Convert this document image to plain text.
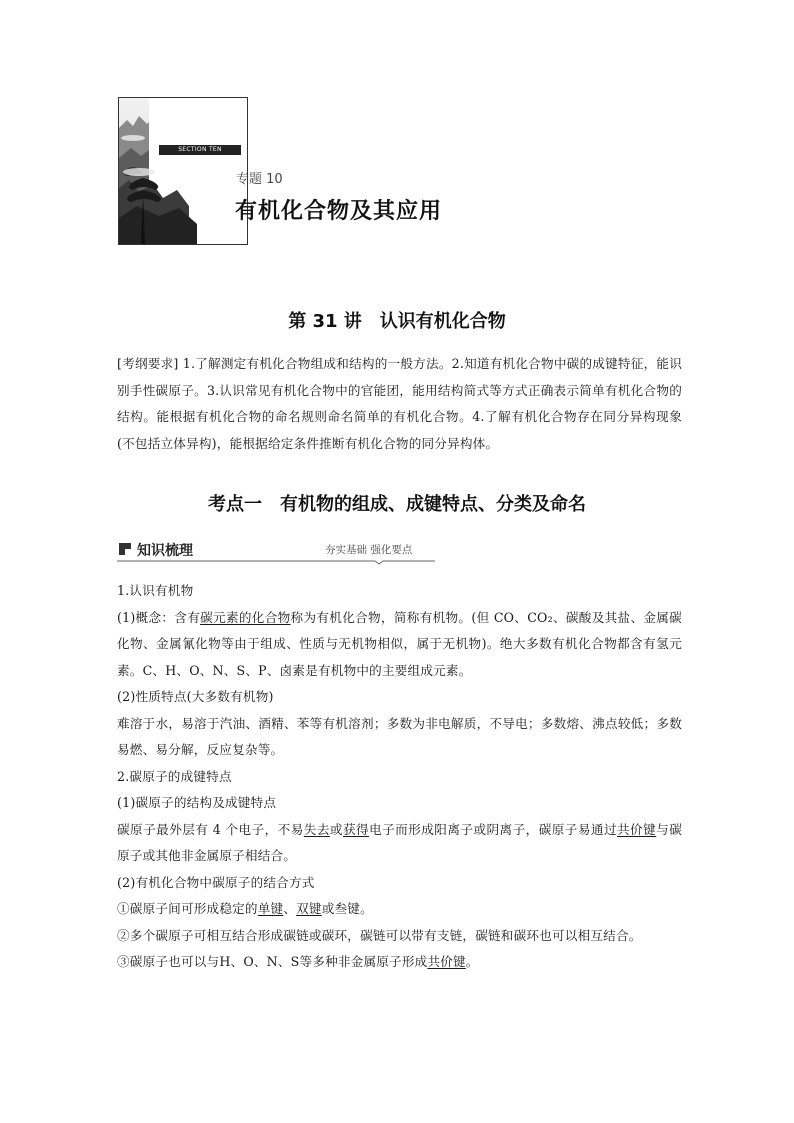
SECTION TEN
专题 10
有机化合物及其应用
第 31 讲 认识有机化合物
[考纲要求] 1.了解测定有机化合物组成和结构的一般方法。2.知道有机化合物中碳的成键特征，能识别手性碳原子。3.认识常见有机化合物中的官能团，能用结构简式等方式正确表示简单有机化合物的结构。能根据有机化合物的命名规则命名简单的有机化合物。4.了解有机化合物存在同分异构现象(不包括立体异构)，能根据给定条件推断有机化合物的同分异构体。
考点一 有机物的组成、成键特点、分类及命名
知识梳理	夯实基础 强化要点
1.认识有机物
(1)概念：含有碳元素的化合物称为有机化合物，简称有机物。(但 CO、CO₂、碳酸及其盐、金属碳化物、金属氰化物等由于组成、性质与无机物相似，属于无机物)。绝大多数有机化合物都含有氢元素。C、H、O、N、S、P、卤素是有机物中的主要组成元素。
(2)性质特点(大多数有机物)
难溶于水，易溶于汽油、酒精、苯等有机溶剂；多数为非电解质，不导电；多数熔、沸点较低；多数易燃、易分解，反应复杂等。
2.碳原子的成键特点
(1)碳原子的结构及成键特点
碳原子最外层有 4 个电子，不易失去或获得电子而形成阳离子或阴离子，碳原子易通过共价键与碳原子或其他非金属原子相结合。
(2)有机化合物中碳原子的结合方式
①碳原子间可形成稳定的单键、双键或叁键。
②多个碳原子可相互结合形成碳链或碳环，碳链可以带有支链，碳链和碳环也可以相互结合。
③碳原子也可以与H、O、N、S等多种非金属原子形成共价键。
